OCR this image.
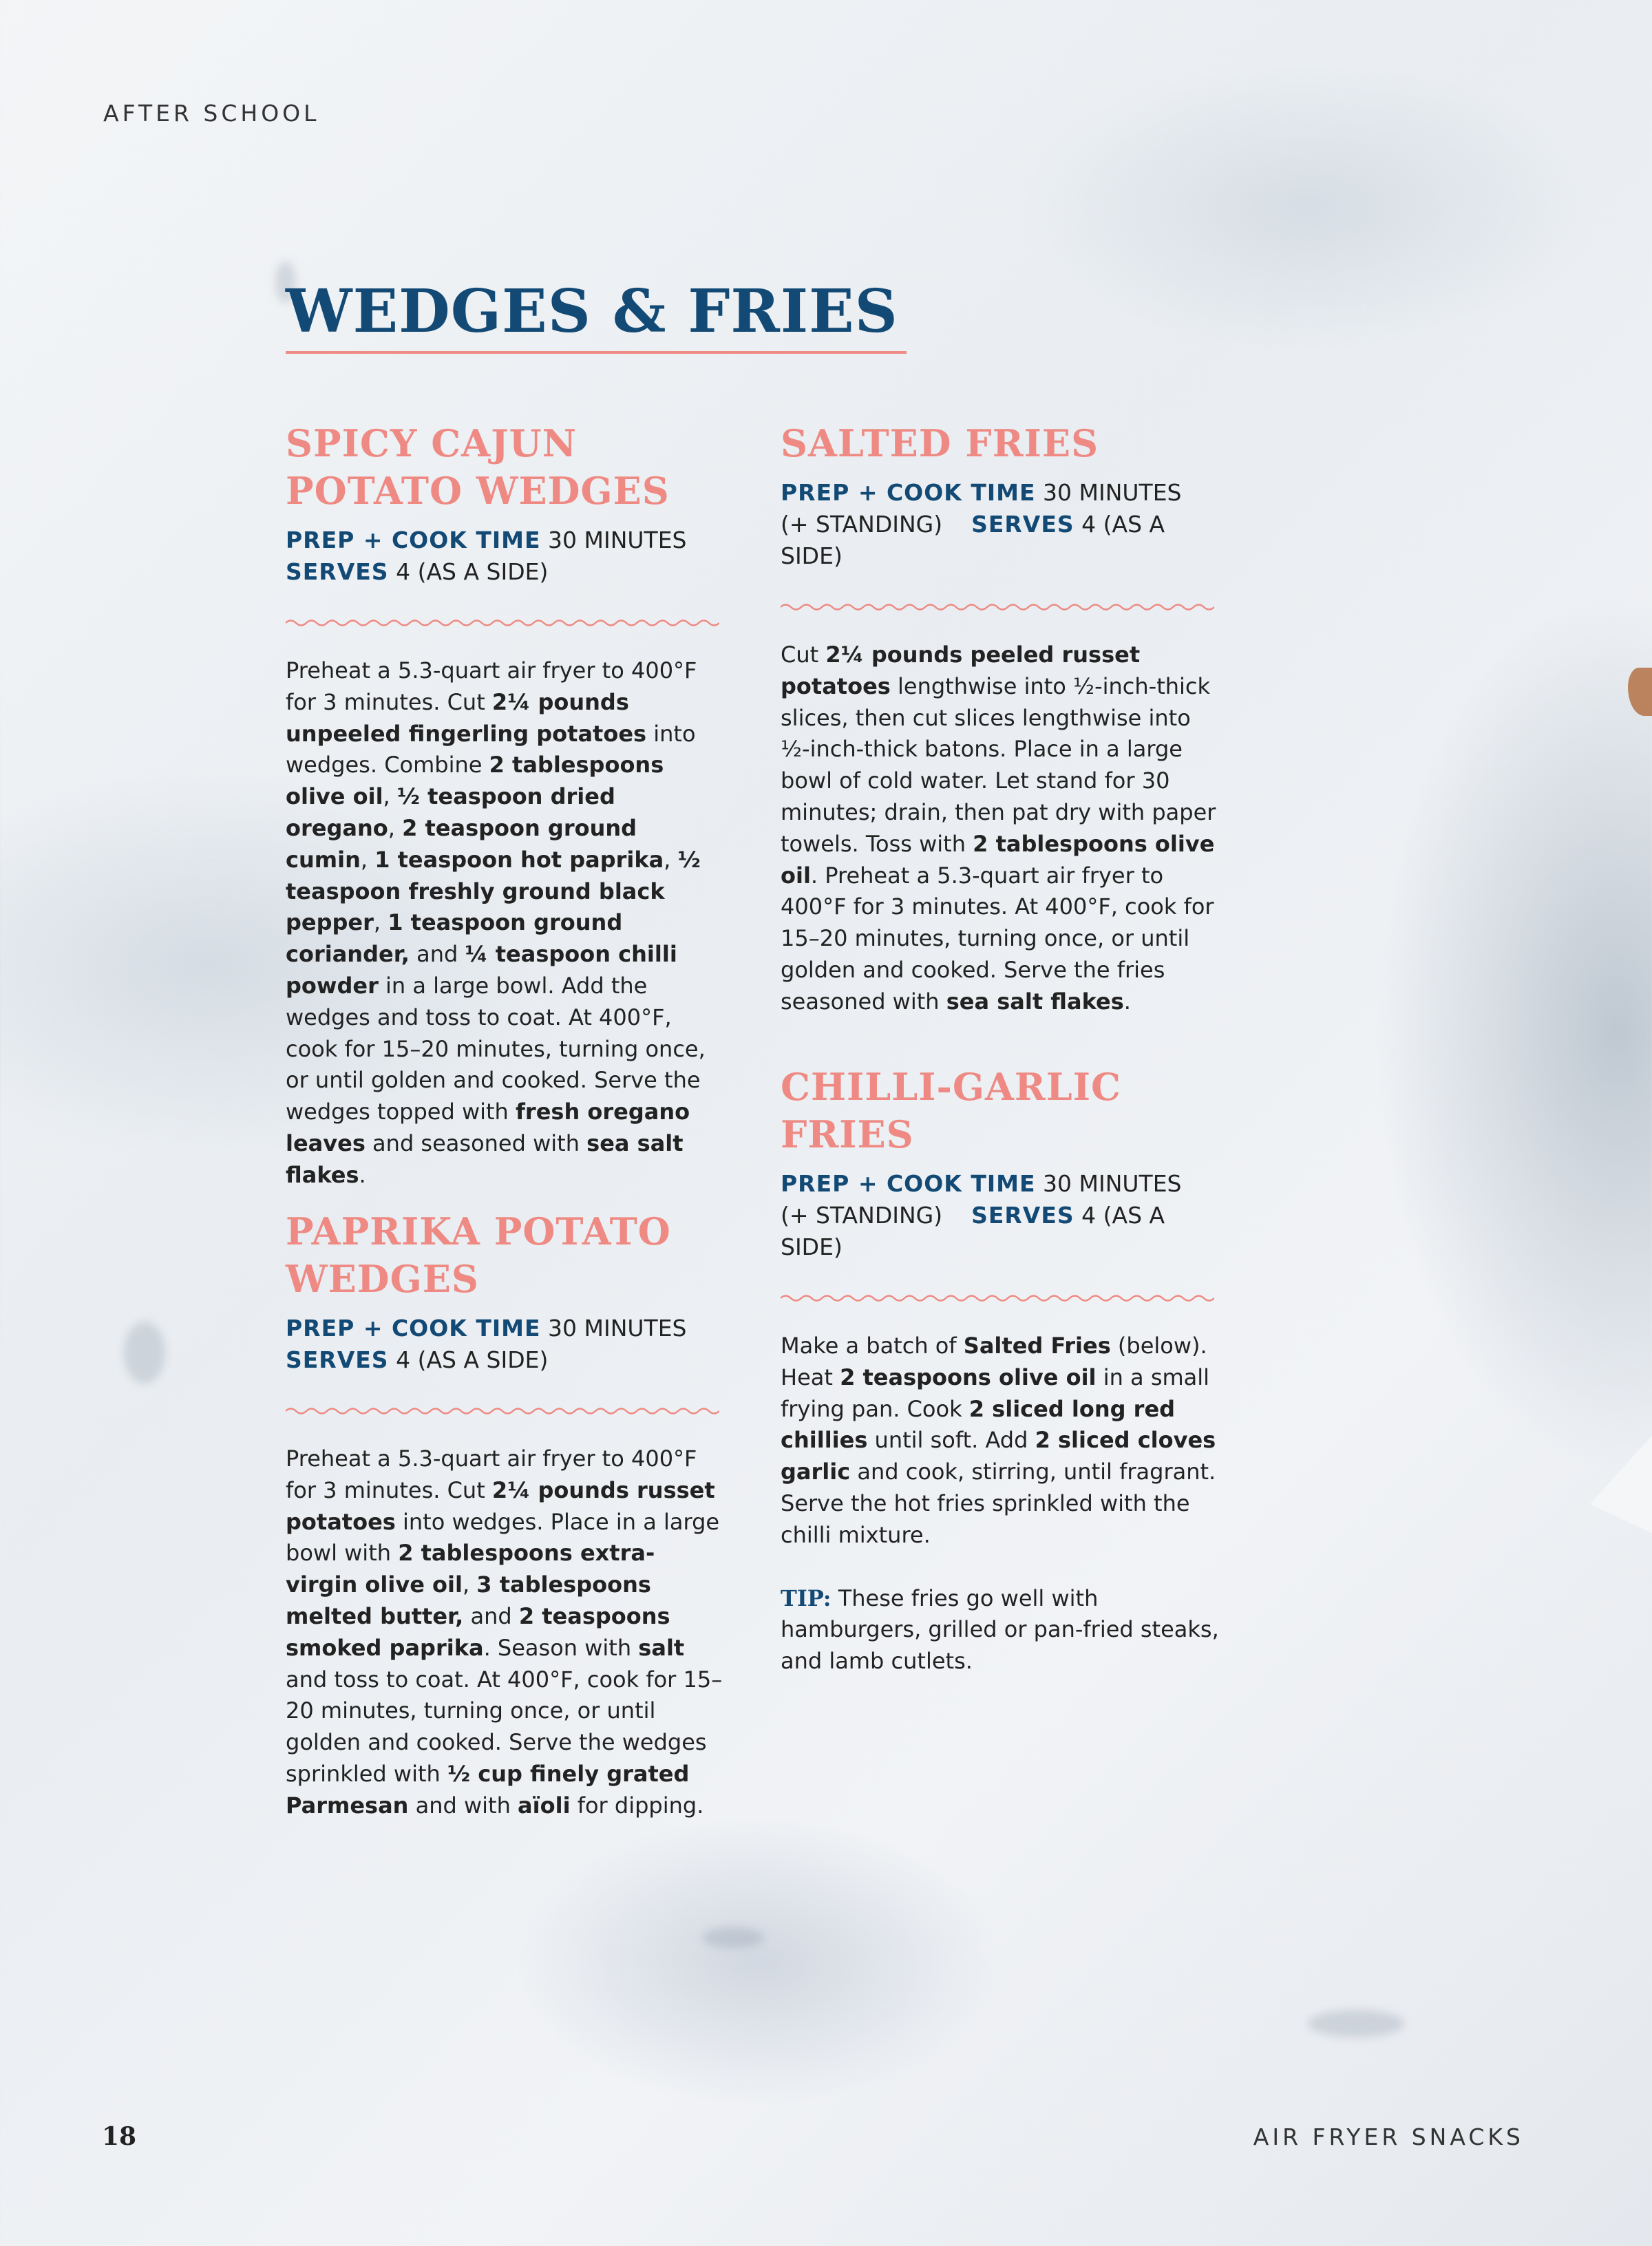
AFTER SCHOOL
WEDGES & FRIES
SPICY CAJUN
POTATO WEDGES
PREP + COOK TIME 30 MINUTES
SERVES 4 (AS A SIDE)

Preheat a 5.3-quart air fryer to 400°F for 3 minutes. Cut 2¼ pounds unpeeled fingerling potatoes into wedges. Combine 2 tablespoons olive oil, ½ teaspoon dried oregano, 2 teaspoon ground cumin, 1 teaspoon hot paprika, ½ teaspoon freshly ground black pepper, 1 teaspoon ground coriander, and ¼ teaspoon chilli powder in a large bowl. Add the wedges and toss to coat. At 400°F, cook for 15–20 minutes, turning once, or until golden and cooked. Serve the wedges topped with fresh oregano leaves and seasoned with sea salt flakes.

PAPRIKA POTATO
WEDGES
PREP + COOK TIME 30 MINUTES
SERVES 4 (AS A SIDE)

Preheat a 5.3-quart air fryer to 400°F for 3 minutes. Cut 2¼ pounds russet potatoes into wedges. Place in a large bowl with 2 tablespoons extra-virgin olive oil, 3 tablespoons melted butter, and 2 teaspoons smoked paprika. Season with salt and toss to coat. At 400°F, cook for 15–20 minutes, turning once, or until golden and cooked. Serve the wedges sprinkled with ½ cup finely grated Parmesan and with aïoli for dipping.

SALTED FRIES
PREP + COOK TIME 30 MINUTES
(+ STANDING) SERVES 4 (AS A SIDE)

Cut 2¼ pounds peeled russet potatoes lengthwise into ½-inch-thick slices, then cut slices lengthwise into ½-inch-thick batons. Place in a large bowl of cold water. Let stand for 30 minutes; drain, then pat dry with paper towels. Toss with 2 tablespoons olive oil. Preheat a 5.3-quart air fryer to 400°F for 3 minutes. At 400°F, cook for 15–20 minutes, turning once, or until golden and cooked. Serve the fries seasoned with sea salt flakes.

CHILLI-GARLIC
FRIES
PREP + COOK TIME 30 MINUTES
(+ STANDING) SERVES 4 (AS A SIDE)

Make a batch of Salted Fries (below). Heat 2 teaspoons olive oil in a small frying pan. Cook 2 sliced long red chillies until soft. Add 2 sliced cloves garlic and cook, stirring, until fragrant. Serve the hot fries sprinkled with the chilli mixture.

TIP: These fries go well with hamburgers, grilled or pan-fried steaks, and lamb cutlets.

18	AIR FRYER SNACKS
